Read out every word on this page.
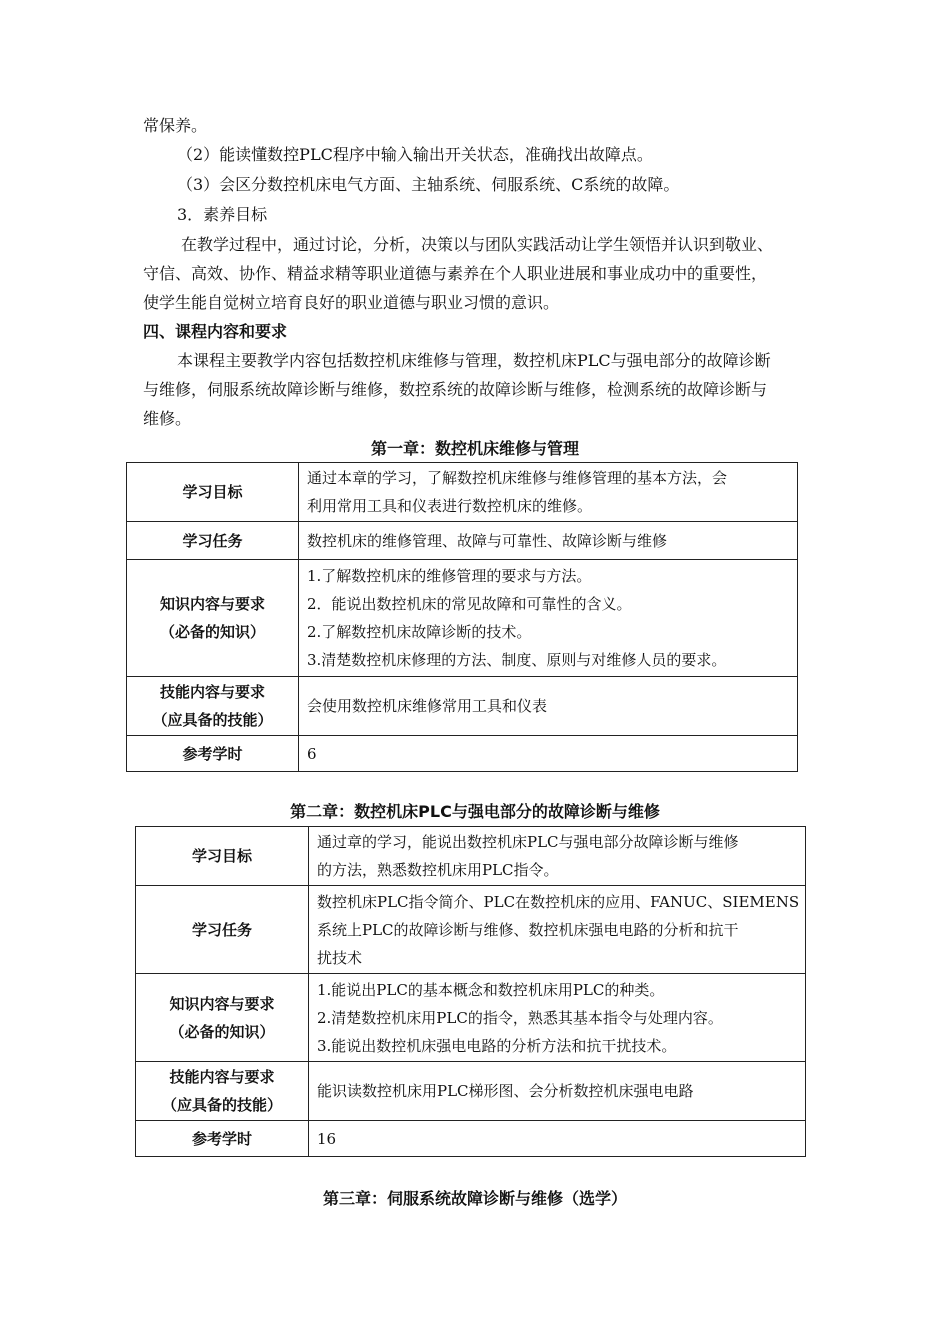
常保养。
（2）能读懂数控PLC程序中输入输出开关状态，准确找出故障点。
（3）会区分数控机床电气方面、主轴系统、伺服系统、C系统的故障。
3．素养目标
在教学过程中，通过讨论，分析，决策以与团队实践活动让学生领悟并认识到敬业、
守信、高效、协作、精益求精等职业道德与素养在个人职业进展和事业成功中的重要性，
使学生能自觉树立培育良好的职业道德与职业习惯的意识。
四、课程内容和要求
本课程主要教学内容包括数控机床维修与管理，数控机床PLC与强电部分的故障诊断
与维修，伺服系统故障诊断与维修，数控系统的故障诊断与维修，检测系统的故障诊断与
维修。
第一章：数控机床维修与管理
学习目标	通过本章的学习，了解数控机床维修与维修管理的基本方法，会
利用常用工具和仪表进行数控机床的维修。

学习任务	数控机床的维修管理、故障与可靠性、故障诊断与维修

知识内容与要求
（必备的知识）	1.了解数控机床的维修管理的要求与方法。
2．能说出数控机床的常见故障和可靠性的含义。
2.了解数控机床故障诊断的技术。
3.清楚数控机床修理的方法、制度、原则与对维修人员的要求。

技能内容与要求
（应具备的技能）	会使用数控机床维修常用工具和仪表
参考学时	6
第二章：数控机床PLC与强电部分的故障诊断与维修
学习目标	通过章的学习，能说出数控机床PLC与强电部分故障诊断与维修
的方法，熟悉数控机床用PLC指令。

学习任务	数控机床PLC指令简介、PLC在数控机床的应用、FANUC、SIEMENS
系统上PLC的故障诊断与维修、数控机床强电电路的分析和抗干
扰技术

知识内容与要求
（必备的知识）	1.能说出PLC的基本概念和数控机床用PLC的种类。
2.清楚数控机床用PLC的指令，熟悉其基本指令与处理内容。
3.能说出数控机床强电电路的分析方法和抗干扰技术。

技能内容与要求
（应具备的技能）	能识读数控机床用PLC梯形图、会分析数控机床强电电路
参考学时	16
第三章：伺服系统故障诊断与维修（选学）
